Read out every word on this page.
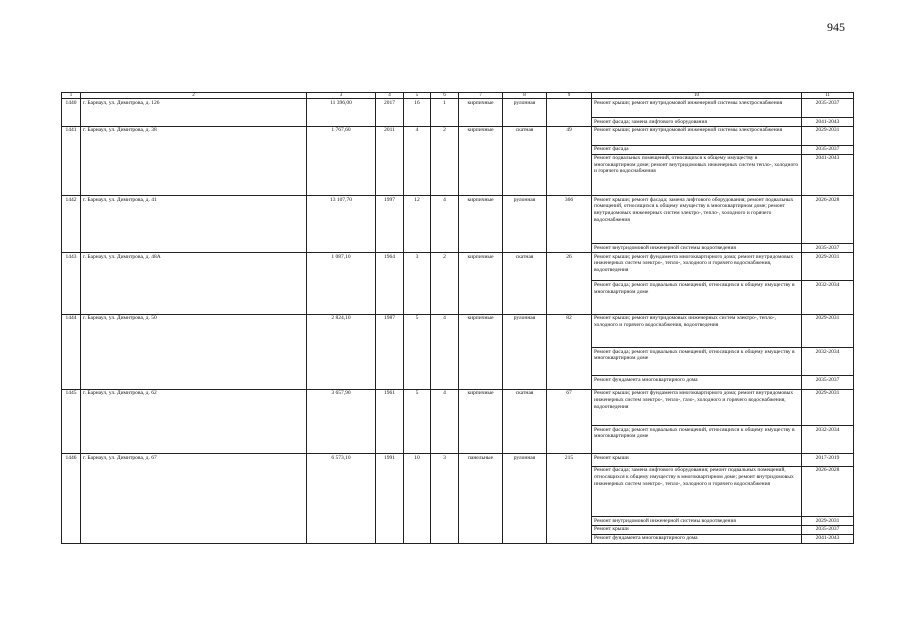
945
1	2	3	4	5	6	7	8	9	10	11
1440	г. Барнаул, ул. Димитрова, д. 126	11 396,00	2017	16	1	кирпичные	рулонная		Ремонт крыши; ремонт внутридомовой инженерной системы электроснабжения	2035-2037
									Ремонт фасада; замена лифтового оборудования	2041-2043
1441	г. Барнаул, ул. Димитрова, д. 38	1 767,60	2011	4	2	кирпичные	скатная	49	Ремонт крыши; ремонт внутридомовой инженерной системы электроснабжения	2029-2031
									Ремонт фасада	2035-2037
									Ремонт подвальных помещений, относящихся к общему имуществу в многоквартирном доме; ремонт внутридомовых инженерных систем тепло-, холодного и горячего водоснабжения	2041-2043
1442	г. Барнаул, ул. Димитрова, д. 41	13 107,70	1997	12	4	кирпичные	рулонная	366	Ремонт крыши; ремонт фасада; замена лифтового оборудования; ремонт подвальных помещений, относящихся к общему имуществу в многоквартирном доме; ремонт внутридомовых инженерных систем электро-, тепло-, холодного и горячего водоснабжения	2026-2028
									Ремонт внутридомовой инженерной системы водоотведения	2035-2037
1443	г. Барнаул, ул. Димитрова, д. 48А	1 087,10	1964	3	2	кирпичные	скатная	26	Ремонт крыши; ремонт фундамента многоквартирного дома; ремонт внутридомовых инженерных систем электро-, тепло-, холодного и горячего водоснабжения, водоотведения	2029-2031
									Ремонт фасада; ремонт подвальных помещений, относящихся к общему имуществу в многоквартирном доме	2032-2034
1444	г. Барнаул, ул. Димитрова, д. 50	2 824,10	1987	5	4	кирпичные	рулонная	82	Ремонт крыши; ремонт внутридомовых инженерных систем электро-, тепло-, холодного и горячего водоснабжения, водоотведения	2029-2031
									Ремонт фасада; ремонт подвальных помещений, относящихся к общему имуществу в многоквартирном доме	2032-2034
									Ремонт фундамента многоквартирного дома	2035-2037
1445	г. Барнаул, ул. Димитрова, д. 62	3 657,90	1961	5	4	кирпичные	скатная	67	Ремонт крыши; ремонт фундамента многоквартирного дома; ремонт внутридомовых инженерных систем электро-, тепло-, газо-, холодного и горячего водоснабжения, водоотведения	2029-2031
									Ремонт фасада; ремонт подвальных помещений, относящихся к общему имуществу в многоквартирном доме	2032-2034
1446	г. Барнаул, ул. Димитрова, д. 67	6 573,10	1991	10	3	панельные	рулонная	215	Ремонт крыши	2017-2019
									Ремонт фасада; замена лифтового оборудования; ремонт подвальных помещений, относящихся к общему имуществу в многоквартирном доме; ремонт внутридомовых инженерных систем электро-, тепло-, холодного и горячего водоснабжения	2026-2028
									Ремонт внутридомовой инженерной системы водоотведения	2029-2031
									Ремонт крыши	2035-2037
									Ремонт фундамента многоквартирного дома	2041-2043
